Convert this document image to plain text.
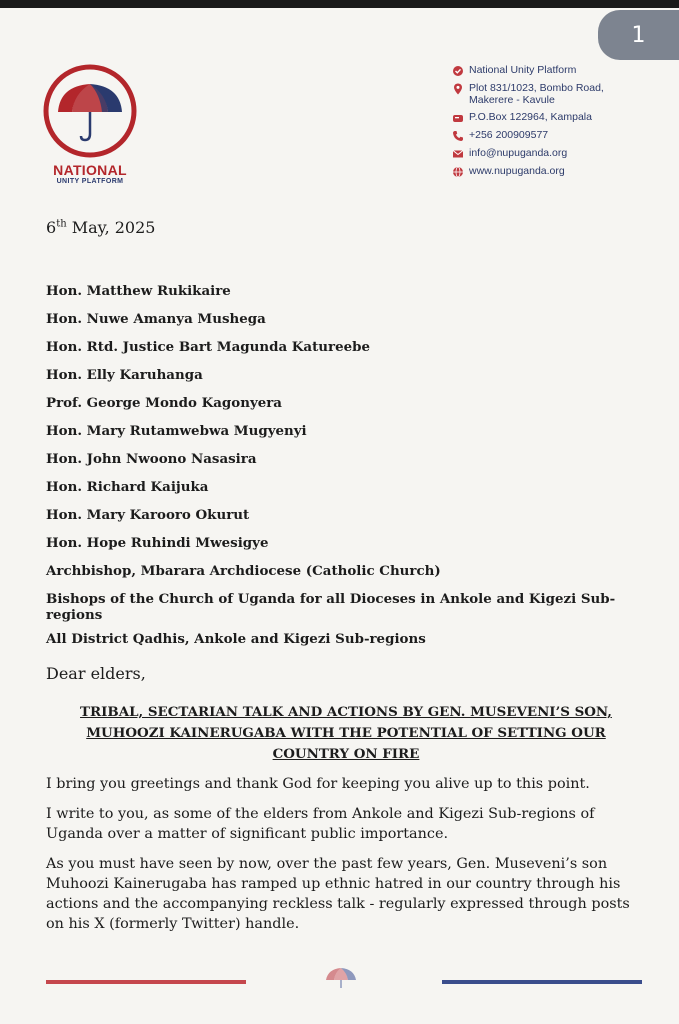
1
NATIONAL
UNITY PLATFORM
National Unity Platform
Plot 831/1023, Bombo Road,
Makerere - Kavule
P.O.Box 122964, Kampala
+256 200909577
info@nupuganda.org
www.nupuganda.org
6th May, 2025
Hon. Matthew Rukikaire
Hon. Nuwe Amanya Mushega
Hon. Rtd. Justice Bart Magunda Katureebe
Hon. Elly Karuhanga
Prof. George Mondo Kagonyera
Hon. Mary Rutamwebwa Mugyenyi
Hon. John Nwoono Nasasira
Hon. Richard Kaijuka
Hon. Mary Karooro Okurut
Hon. Hope Ruhindi Mwesigye
Archbishop, Mbarara Archdiocese (Catholic Church)
Bishops of the Church of Uganda for all Dioceses in Ankole and Kigezi Sub-regions
All District Qadhis, Ankole and Kigezi Sub-regions
Dear elders,
TRIBAL, SECTARIAN TALK AND ACTIONS BY GEN. MUSEVENI’S SON, MUHOOZI KAINERUGABA WITH THE POTENTIAL OF SETTING OUR COUNTRY ON FIRE

I bring you greetings and thank God for keeping you alive up to this point.

I write to you, as some of the elders from Ankole and Kigezi Sub-regions of Uganda over a matter of significant public importance.

As you must have seen by now, over the past few years, Gen. Museveni’s son Muhoozi Kainerugaba has ramped up ethnic hatred in our country through his actions and the accompanying reckless talk - regularly expressed through posts on his X (formerly Twitter) handle.
